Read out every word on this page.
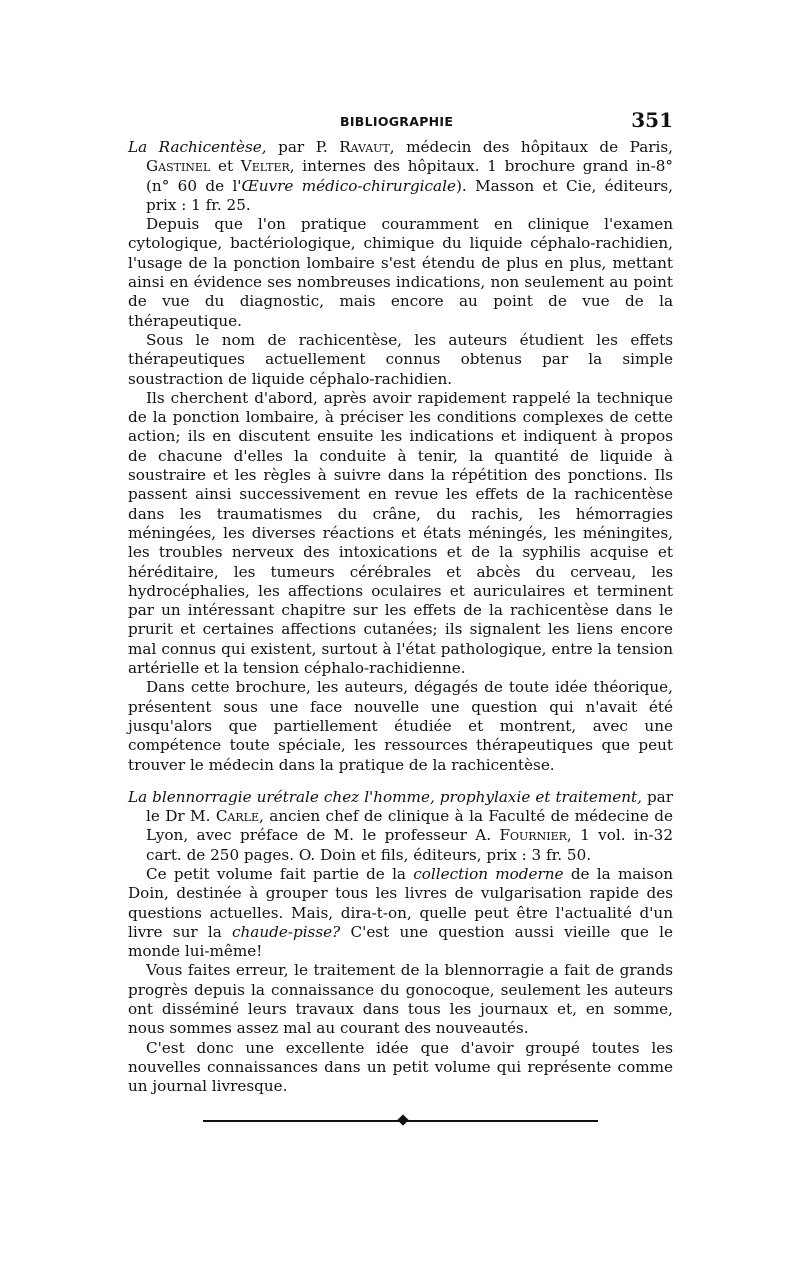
BIBLIOGRAPHIE	351

La Rachicentèse, par P. Ravaut, médecin des hôpitaux de Paris, Gastinel et Velter, internes des hôpitaux. 1 brochure grand in-8° (n° 60 de l'Œuvre médico-chirurgicale). Masson et Cie, éditeurs, prix : 1 fr. 25.

Depuis que l'on pratique couramment en clinique l'examen cytologique, bactériologique, chimique du liquide céphalo-rachidien, l'usage de la ponction lombaire s'est étendu de plus en plus, mettant ainsi en évidence ses nombreuses indications, non seulement au point de vue du diagnostic, mais encore au point de vue de la thérapeutique.

Sous le nom de rachicentèse, les auteurs étudient les effets thérapeutiques actuellement connus obtenus par la simple soustraction de liquide céphalo-rachidien.

Ils cherchent d'abord, après avoir rapidement rappelé la technique de la ponction lombaire, à préciser les conditions complexes de cette action; ils en discutent ensuite les indications et indiquent à propos de chacune d'elles la conduite à tenir, la quantité de liquide à soustraire et les règles à suivre dans la répétition des ponctions. Ils passent ainsi successivement en revue les effets de la rachicentèse dans les traumatismes du crâne, du rachis, les hémorragies méningées, les diverses réactions et états méningés, les méningites, les troubles nerveux des intoxications et de la syphilis acquise et héréditaire, les tumeurs cérébrales et abcès du cerveau, les hydrocéphalies, les affections oculaires et auriculaires et terminent par un intéressant chapitre sur les effets de la rachicentèse dans le prurit et certaines affections cutanées; ils signalent les liens encore mal connus qui existent, surtout à l'état pathologique, entre la tension artérielle et la tension céphalo-rachidienne.

Dans cette brochure, les auteurs, dégagés de toute idée théorique, présentent sous une face nouvelle une question qui n'avait été jusqu'alors que partiellement étudiée et montrent, avec une compétence toute spéciale, les ressources thérapeutiques que peut trouver le médecin dans la pratique de la rachicentèse.

La blennorragie urétrale chez l'homme, prophylaxie et traitement, par le Dr M. Carle, ancien chef de clinique à la Faculté de médecine de Lyon, avec préface de M. le professeur A. Fournier, 1 vol. in-32 cart. de 250 pages. O. Doin et fils, éditeurs, prix : 3 fr. 50.

Ce petit volume fait partie de la collection moderne de la maison Doin, destinée à grouper tous les livres de vulgarisation rapide des questions actuelles. Mais, dira-t-on, quelle peut être l'actualité d'un livre sur la chaude-pisse? C'est une question aussi vieille que le monde lui-même!

Vous faites erreur, le traitement de la blennorragie a fait de grands progrès depuis la connaissance du gonocoque, seulement les auteurs ont disséminé leurs travaux dans tous les journaux et, en somme, nous sommes assez mal au courant des nouveautés.

C'est donc une excellente idée que d'avoir groupé toutes les nouvelles connaissances dans un petit volume qui représente comme un journal livresque.
